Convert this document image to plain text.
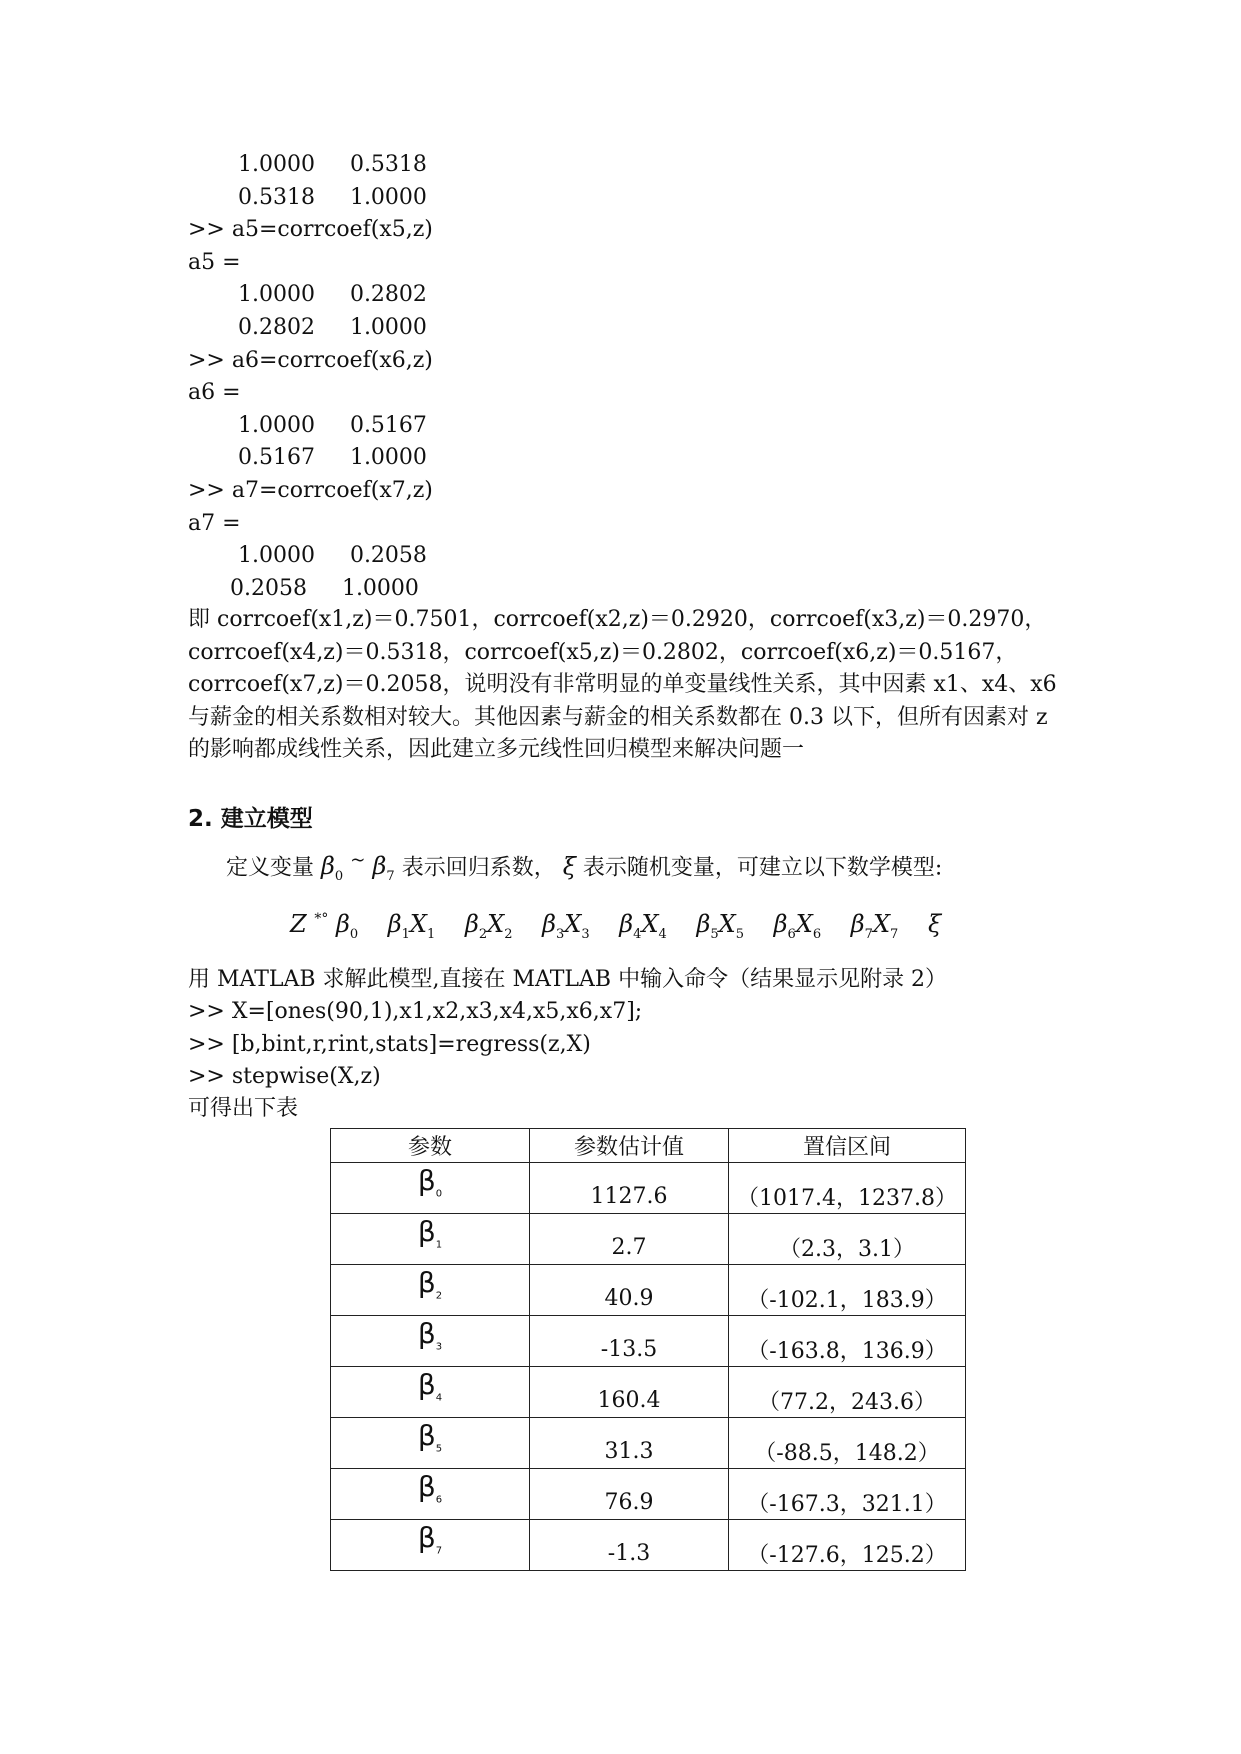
1.0000     0.5318
0.5318     1.0000
>> a5=corrcoef(x5,z)
a5 =
1.0000     0.2802
0.2802     1.0000
>> a6=corrcoef(x6,z)
a6 =
1.0000     0.5167
0.5167     1.0000
>> a7=corrcoef(x7,z)
a7 =
1.0000     0.2058
0.2058     1.0000
即 corrcoef(x1,z)＝0.7501，corrcoef(x2,z)＝0.2920，corrcoef(x3,z)＝0.2970，corrcoef(x4,z)＝0.5318，corrcoef(x5,z)＝0.2802，corrcoef(x6,z)＝0.5167，corrcoef(x7,z)＝0.2058，说明没有非常明显的单变量线性关系，其中因素 x1、x4、x6 与薪金的相关系数相对较大。其他因素与薪金的相关系数都在 0.3 以下，但所有因素对 z 的影响都成线性关系，因此建立多元线性回归模型来解决问题一
2. 建立模型
定义变量 $\beta_0$ ~ $\beta_7$ 表示回归系数， ξ 表示随机变量，可建立以下数学模型:
Z *° $\beta_0$ $\beta_1X_1$ $\beta_2X_2$ $\beta_3X_3$ $\beta_4X_4$ $\beta_5X_5$ $\beta_6X_6$ $\beta_7X_7$ ξ
用 MATLAB 求解此模型,直接在 MATLAB 中输入命令（结果显示见附录 2）
>> X=[ones(90,1),x1,x2,x3,x4,x5,x6,x7];
>> [b,bint,r,rint,stats]=regress(z,X)
>> stepwise(X,z)
可得出下表
参数	参数估计值	置信区间
$\beta_0$	1127.6	（1017.4，1237.8）
$\beta_1$	2.7	（2.3，3.1）
$\beta_2$	40.9	（-102.1，183.9）
$\beta_3$	-13.5	（-163.8，136.9）
$\beta_4$	160.4	（77.2，243.6）
$\beta_5$	31.3	（-88.5，148.2）
$\beta_6$	76.9	（-167.3，321.1）
$\beta_7$	-1.3	（-127.6，125.2）
